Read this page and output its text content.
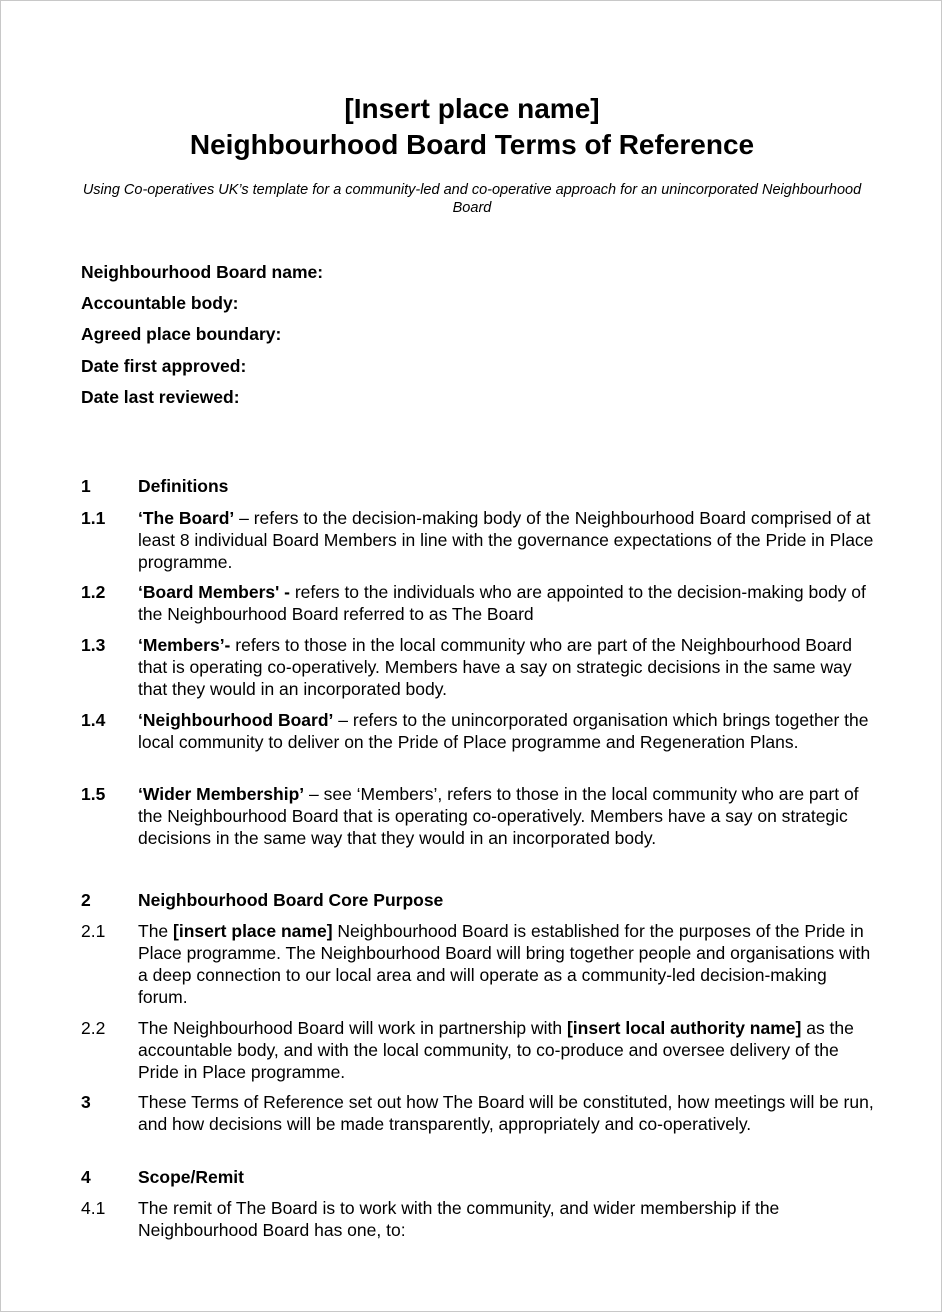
[Insert place name]
Neighbourhood Board Terms of Reference
Using Co-operatives UK’s template for a community-led and co-operative approach for an unincorporated Neighbourhood Board
Neighbourhood Board name:
Accountable body:
Agreed place boundary:
Date first approved:
Date last reviewed:
1	Definitions
1.1	‘The Board’ – refers to the decision-making body of the Neighbourhood Board comprised of at least 8 individual Board Members in line with the governance expectations of the Pride in Place programme.
1.2	‘Board Members' - refers to the individuals who are appointed to the decision-making body of the Neighbourhood Board referred to as The Board
1.3	‘Members’- refers to those in the local community who are part of the Neighbourhood Board that is operating co-operatively. Members have a say on strategic decisions in the same way that they would in an incorporated body.
1.4	‘Neighbourhood Board’ – refers to the unincorporated organisation which brings together the local community to deliver on the Pride of Place programme and Regeneration Plans.
1.5	‘Wider Membership’ – see ‘Members’, refers to those in the local community who are part of the Neighbourhood Board that is operating co-operatively. Members have a say on strategic decisions in the same way that they would in an incorporated body.
2	Neighbourhood Board Core Purpose
2.1	The [insert place name] Neighbourhood Board is established for the purposes of the Pride in Place programme. The Neighbourhood Board will bring together people and organisations with a deep connection to our local area and will operate as a community-led decision-making forum.
2.2	The Neighbourhood Board will work in partnership with [insert local authority name] as the accountable body, and with the local community, to co-produce and oversee delivery of the Pride in Place programme.
3	These Terms of Reference set out how The Board will be constituted, how meetings will be run, and how decisions will be made transparently, appropriately and co-operatively.
4	Scope/Remit
4.1	The remit of The Board is to work with the community, and wider membership if the Neighbourhood Board has one, to:
